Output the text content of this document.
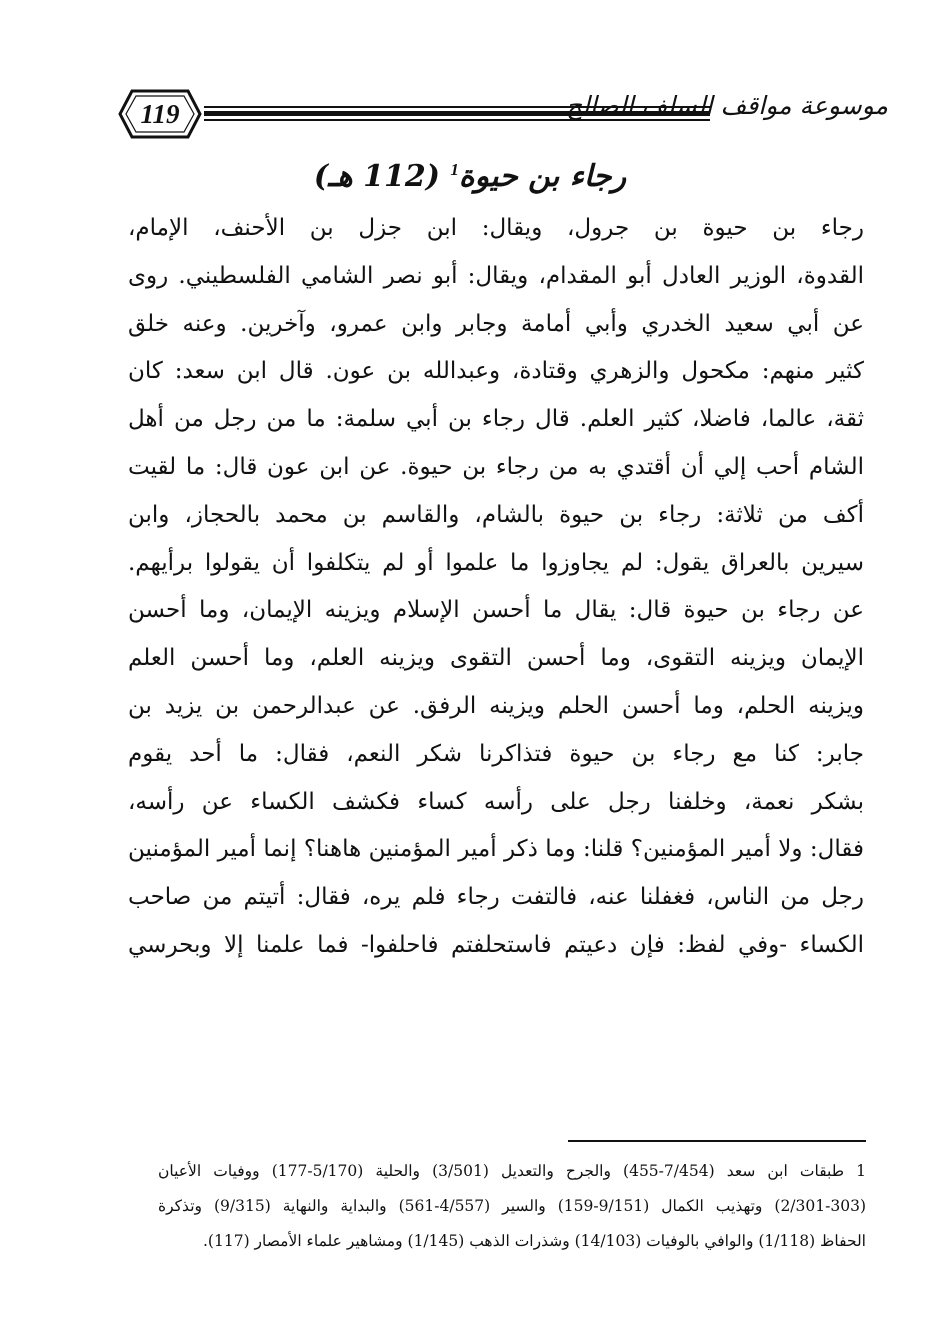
119	موسوعة مواقف السلف الصالح
رجاء بن حيوة$^1$ (112 هـ)
رجاء بن حيوة بن جرول، ويقال: ابن جزل بن الأحنف، الإمام،
القدوة، الوزير العادل أبو المقدام، ويقال: أبو نصر الشامي الفلسطيني. روى
عن أبي سعيد الخدري وأبي أمامة وجابر وابن عمرو، وآخرين. وعنه خلق
كثير منهم: مكحول والزهري وقتادة، وعبدالله بن عون. قال ابن سعد: كان
ثقة، عالما، فاضلا، كثير العلم. قال رجاء بن أبي سلمة: ما من رجل من أهل
الشام أحب إلي أن أقتدي به من رجاء بن حيوة. عن ابن عون قال: ما لقيت
أكف من ثلاثة: رجاء بن حيوة بالشام، والقاسم بن محمد بالحجاز، وابن
سيرين بالعراق يقول: لم يجاوزوا ما علموا أو لم يتكلفوا أن يقولوا برأيهم.
عن رجاء بن حيوة قال: يقال ما أحسن الإسلام ويزينه الإيمان، وما أحسن
الإيمان ويزينه التقوى، وما أحسن التقوى ويزينه العلم، وما أحسن العلم
ويزينه الحلم، وما أحسن الحلم ويزينه الرفق. عن عبدالرحمن بن يزيد بن
جابر: كنا مع رجاء بن حيوة فتذاكرنا شكر النعم، فقال: ما أحد يقوم
بشكر نعمة، وخلفنا رجل على رأسه كساء فكشف الكساء عن رأسه،
فقال: ولا أمير المؤمنين؟ قلنا: وما ذكر أمير المؤمنين هاهنا؟ إنما أمير المؤمنين
رجل من الناس، فغفلنا عنه، فالتفت رجاء فلم يره، فقال: أتيتم من صاحب
الكساء -وفي لفظ: فإن دعيتم فاستحلفتم فاحلفوا- فما علمنا إلا وبحرسي
1 طبقات ابن سعد (7/454-455) والجرح والتعديل (3/501) والحلية (5/170-177) ووفيات الأعيان
(2/301-303) وتهذيب الكمال (9/151-159) والسير (4/557-561) والبداية والنهاية (9/315) وتذكرة
الحفاظ (1/118) والوافي بالوفيات (14/103) وشذرات الذهب (1/145) ومشاهير علماء الأمصار (117).
